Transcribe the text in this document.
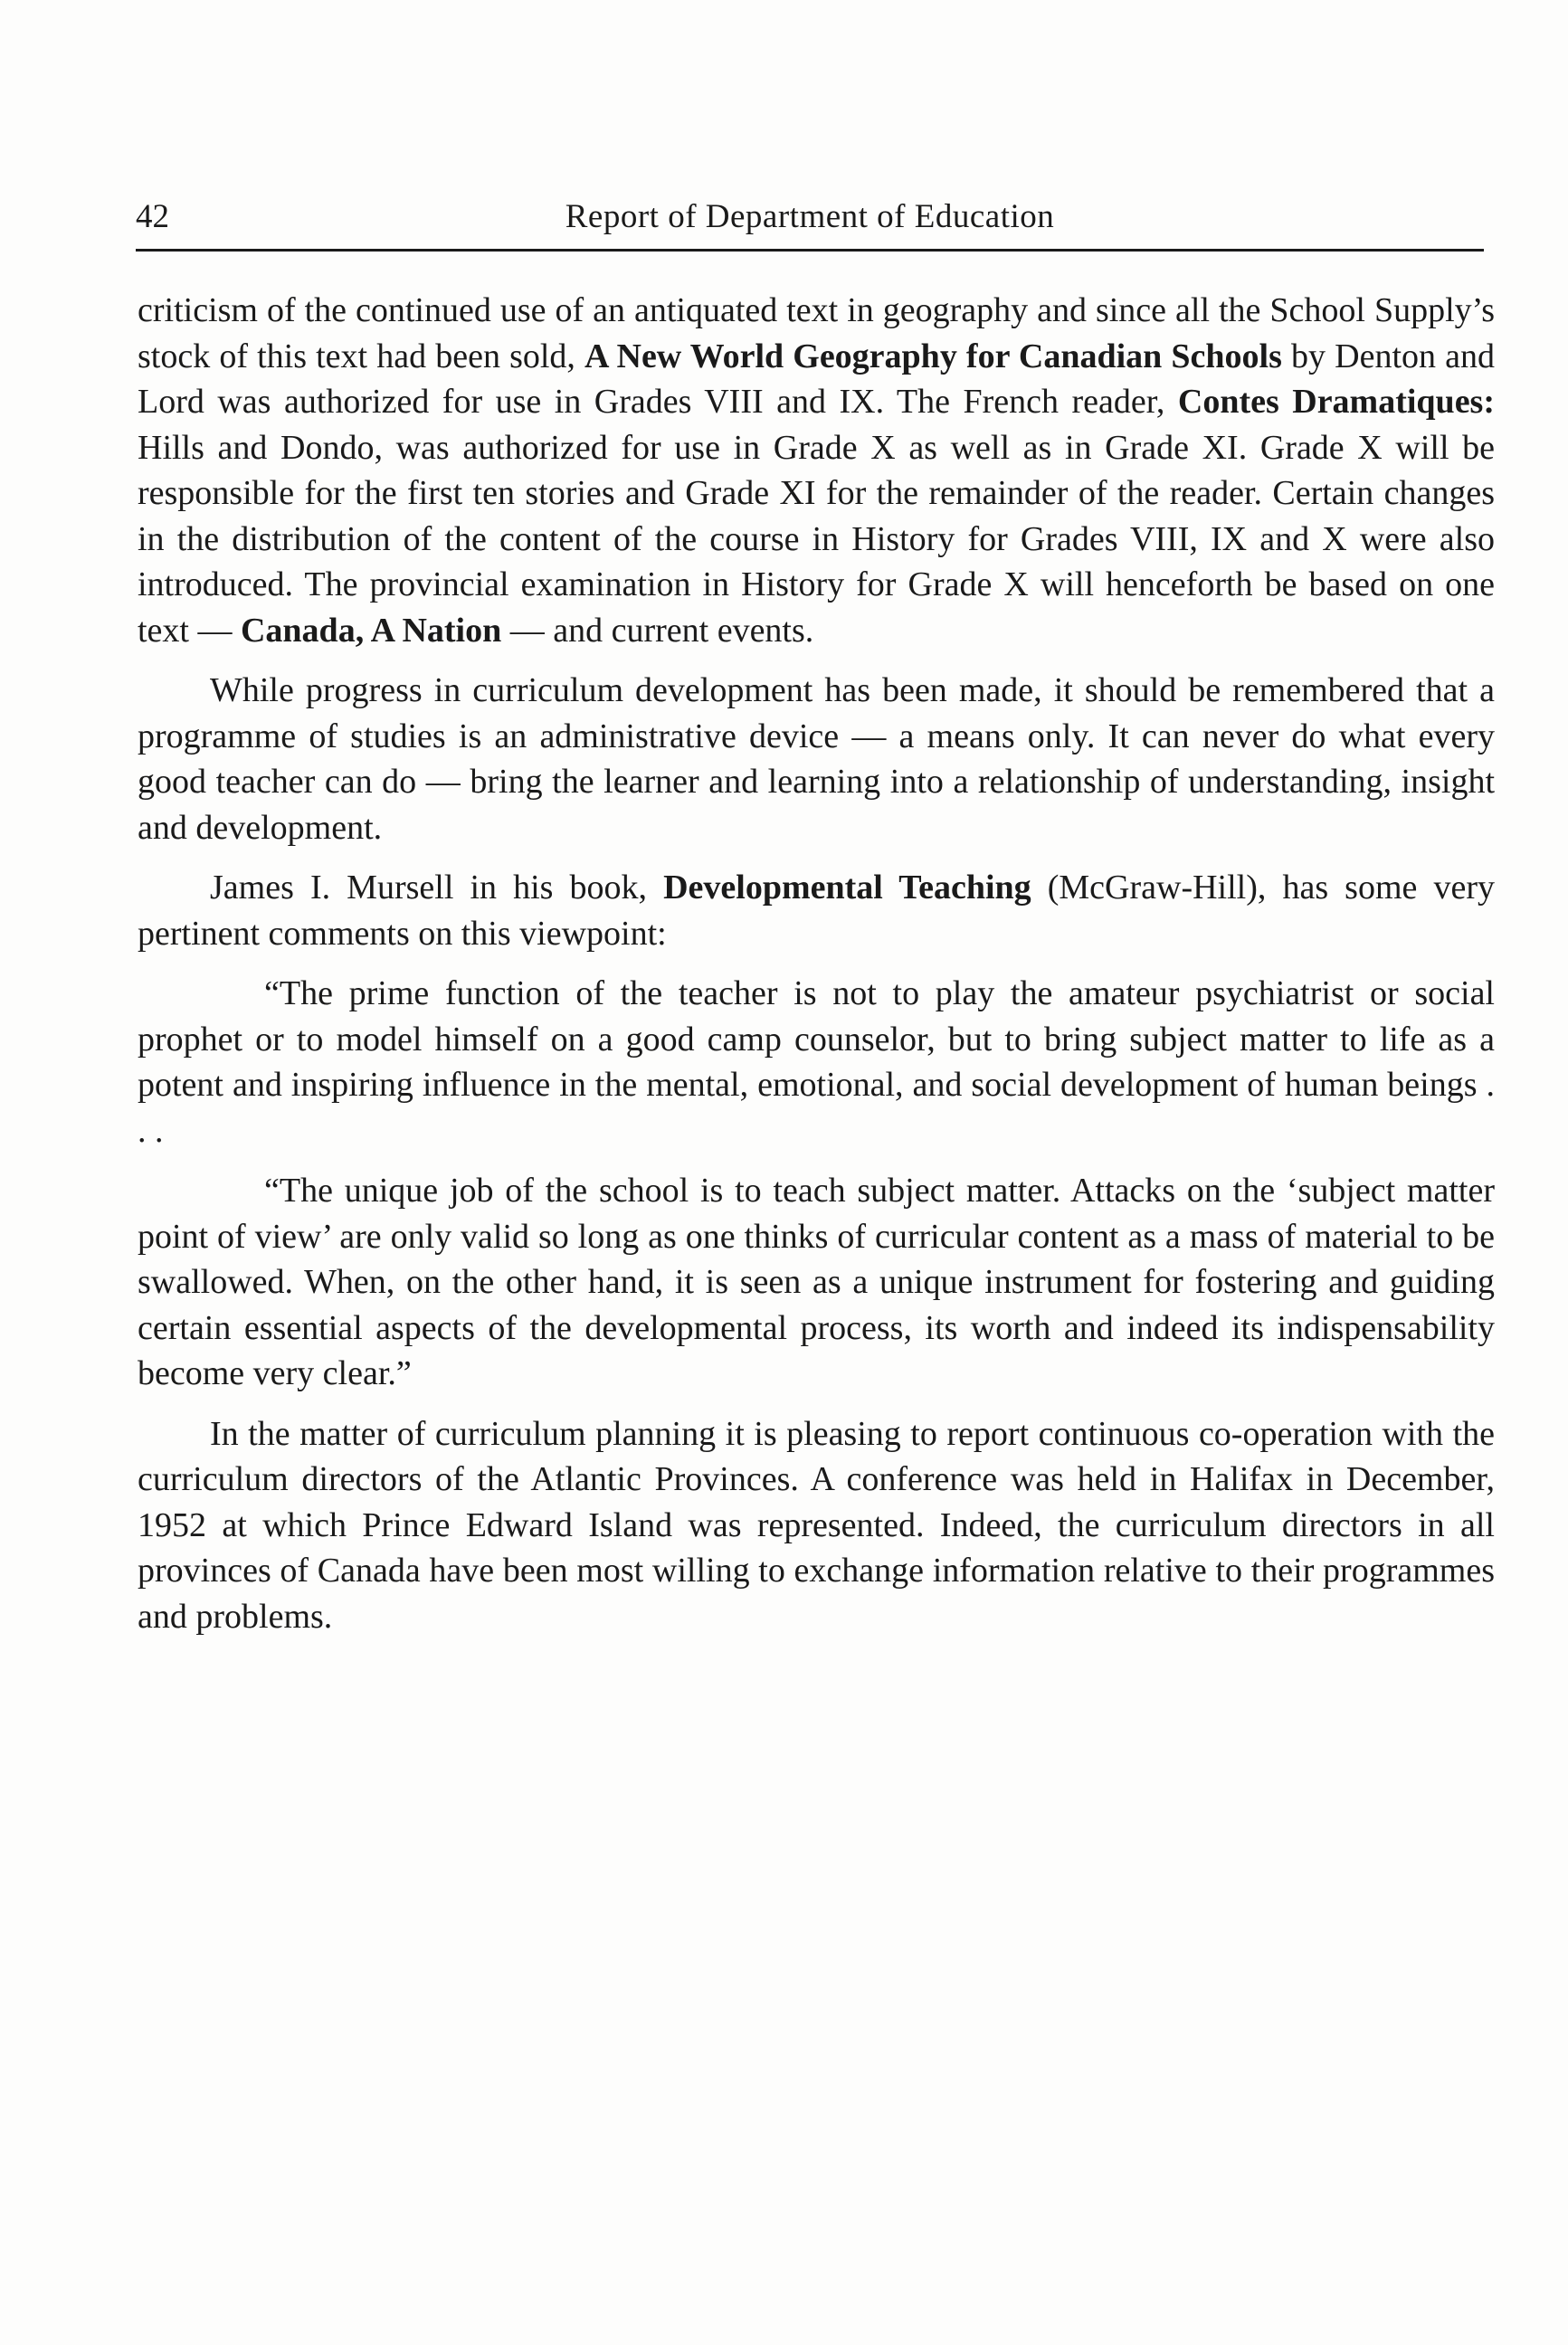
42	Report of Department of Education

criticism of the continued use of an antiquated text in geography and since all the School Supply’s stock of this text had been sold, A New World Geography for Canadian Schools by Denton and Lord was authorized for use in Grades VIII and IX. The French reader, Contes Dramatiques: Hills and Dondo, was authorized for use in Grade X as well as in Grade XI. Grade X will be responsible for the first ten stories and Grade XI for the remainder of the reader. Certain changes in the distribution of the content of the course in History for Grades VIII, IX and X were also introduced. The provincial examination in History for Grade X will henceforth be based on one text — Canada, A Nation — and current events.

While progress in curriculum development has been made, it should be remembered that a programme of studies is an administrative device — a means only. It can never do what every good teacher can do — bring the learner and learning into a relationship of understanding, insight and development.

James I. Mursell in his book, Developmental Teaching (McGraw-Hill), has some very pertinent comments on this viewpoint:

“The prime function of the teacher is not to play the amateur psychiatrist or social prophet or to model himself on a good camp counselor, but to bring subject matter to life as a potent and inspiring influence in the mental, emotional, and social development of human beings . . .

“The unique job of the school is to teach subject matter. Attacks on the ‘subject matter point of view’ are only valid so long as one thinks of curricular content as a mass of material to be swallowed. When, on the other hand, it is seen as a unique instrument for fostering and guiding certain essential aspects of the developmental process, its worth and indeed its indispensability become very clear.”

In the matter of curriculum planning it is pleasing to report continuous co-operation with the curriculum directors of the Atlantic Provinces. A conference was held in Halifax in December, 1952 at which Prince Edward Island was represented. Indeed, the curriculum directors in all provinces of Canada have been most willing to exchange information relative to their programmes and problems.
